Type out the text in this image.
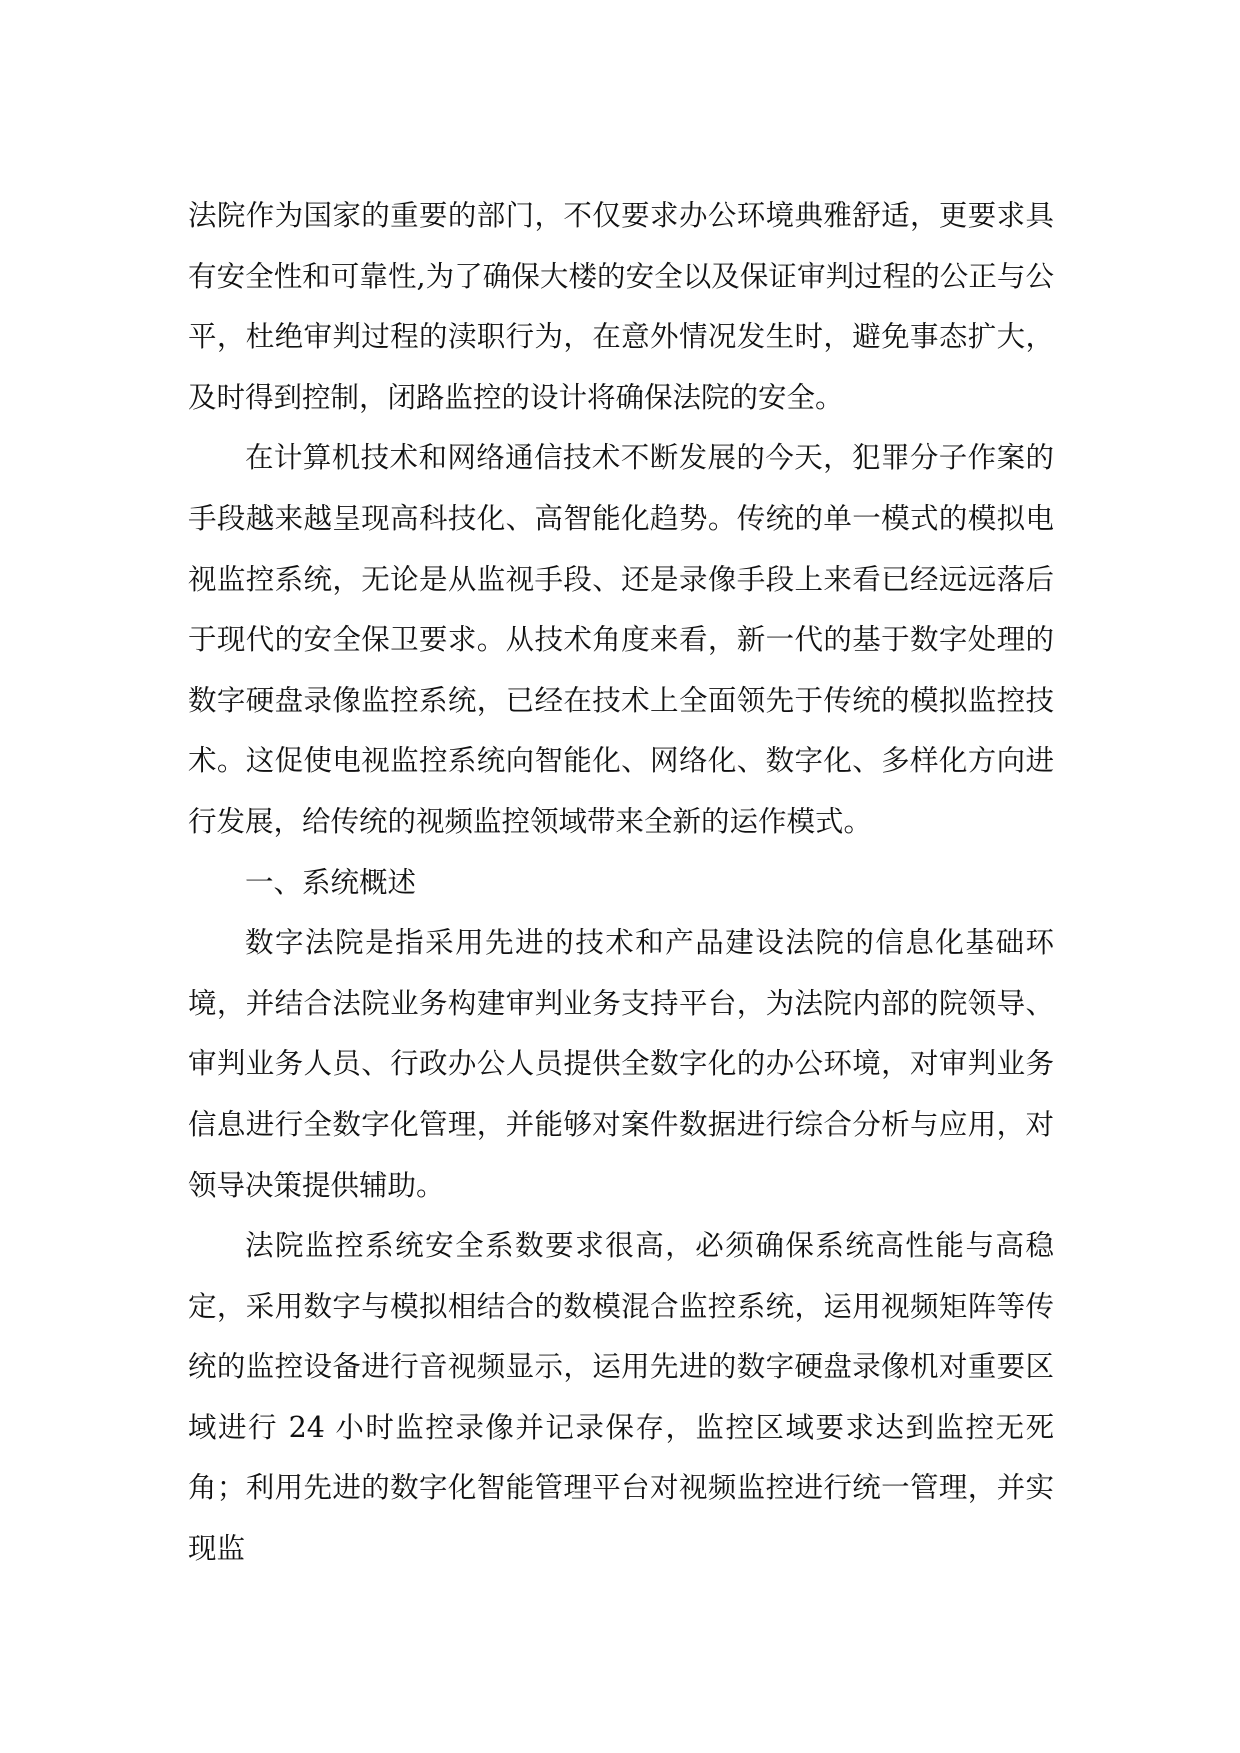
法院作为国家的重要的部门，不仅要求办公环境典雅舒适，更要求具有安全性和可靠性,为了确保大楼的安全以及保证审判过程的公正与公平，杜绝审判过程的渎职行为，在意外情况发生时，避免事态扩大，及时得到控制，闭路监控的设计将确保法院的安全。

在计算机技术和网络通信技术不断发展的今天，犯罪分子作案的手段越来越呈现高科技化、高智能化趋势。传统的单一模式的模拟电视监控系统，无论是从监视手段、还是录像手段上来看已经远远落后于现代的安全保卫要求。从技术角度来看，新一代的基于数字处理的数字硬盘录像监控系统，已经在技术上全面领先于传统的模拟监控技术。这促使电视监控系统向智能化、网络化、数字化、多样化方向进行发展，给传统的视频监控领域带来全新的运作模式。

一、系统概述

数字法院是指采用先进的技术和产品建设法院的信息化基础环境，并结合法院业务构建审判业务支持平台，为法院内部的院领导、审判业务人员、行政办公人员提供全数字化的办公环境，对审判业务信息进行全数字化管理，并能够对案件数据进行综合分析与应用，对领导决策提供辅助。

法院监控系统安全系数要求很高，必须确保系统高性能与高稳定，采用数字与模拟相结合的数模混合监控系统，运用视频矩阵等传统的监控设备进行音视频显示，运用先进的数字硬盘录像机对重要区域进行 24 小时监控录像并记录保存，监控区域要求达到监控无死角；利用先进的数字化智能管理平台对视频监控进行统一管理，并实现监
